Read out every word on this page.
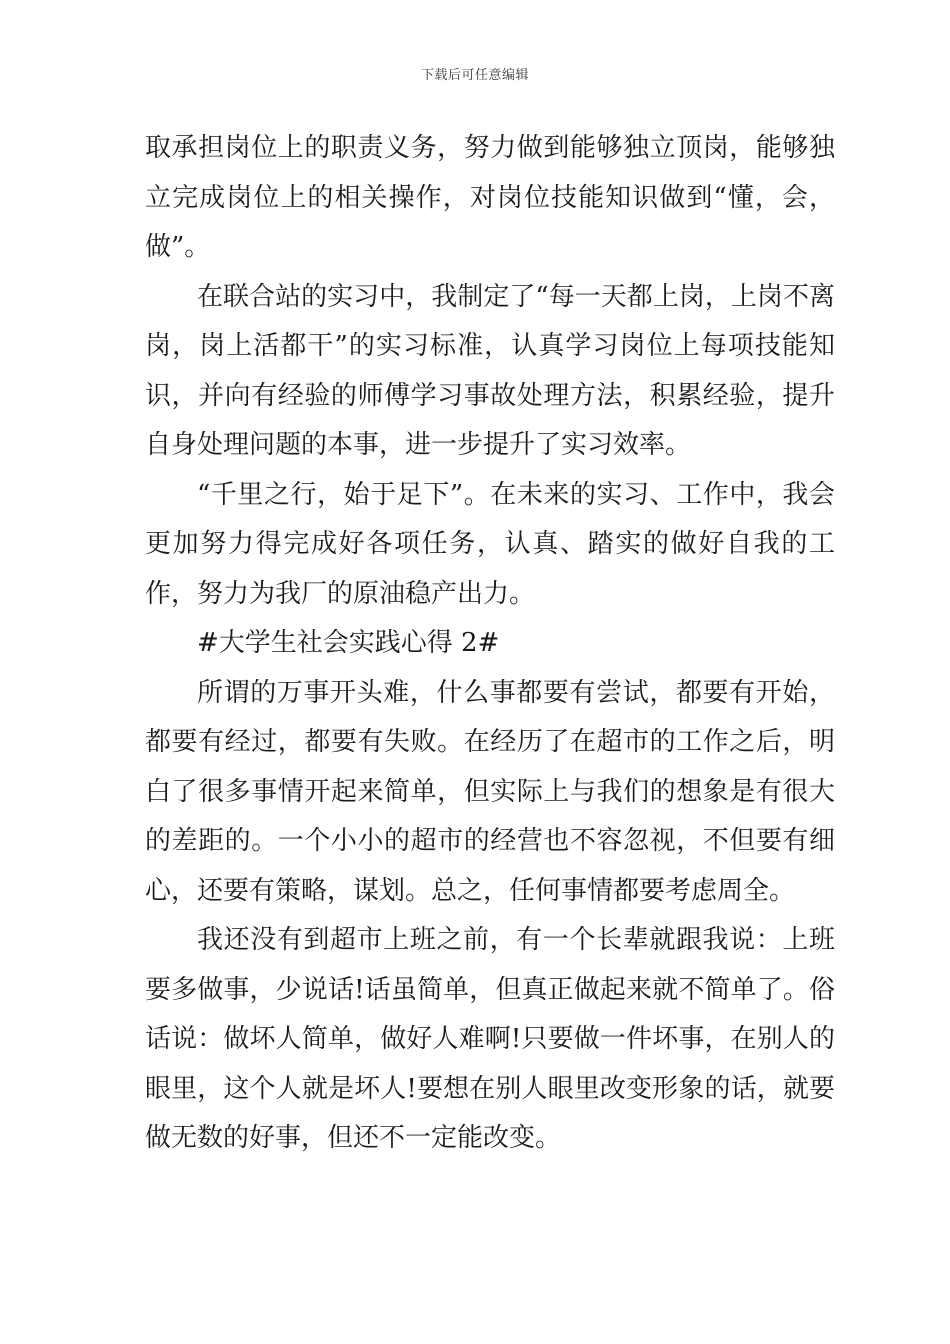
下载后可任意编辑

取承担岗位上的职责义务，努力做到能够独立顶岗，能够独立完成岗位上的相关操作，对岗位技能知识做到“懂，会，做”。

在联合站的实习中，我制定了“每一天都上岗，上岗不离岗，岗上活都干”的实习标准，认真学习岗位上每项技能知识，并向有经验的师傅学习事故处理方法，积累经验，提升自身处理问题的本事，进一步提升了实习效率。

“千里之行，始于足下”。在未来的实习、工作中，我会更加努力得完成好各项任务，认真、踏实的做好自我的工作，努力为我厂的原油稳产出力。

#大学生社会实践心得 2#

所谓的万事开头难，什么事都要有尝试，都要有开始，都要有经过，都要有失败。在经历了在超市的工作之后，明白了很多事情开起来简单，但实际上与我们的想象是有很大的差距的。一个小小的超市的经营也不容忽视，不但要有细心，还要有策略，谋划。总之，任何事情都要考虑周全。

我还没有到超市上班之前，有一个长辈就跟我说：上班要多做事，少说话!话虽简单，但真正做起来就不简单了。俗话说：做坏人简单，做好人难啊!只要做一件坏事，在别人的眼里，这个人就是坏人!要想在别人眼里改变形象的话，就要做无数的好事，但还不一定能改变。
